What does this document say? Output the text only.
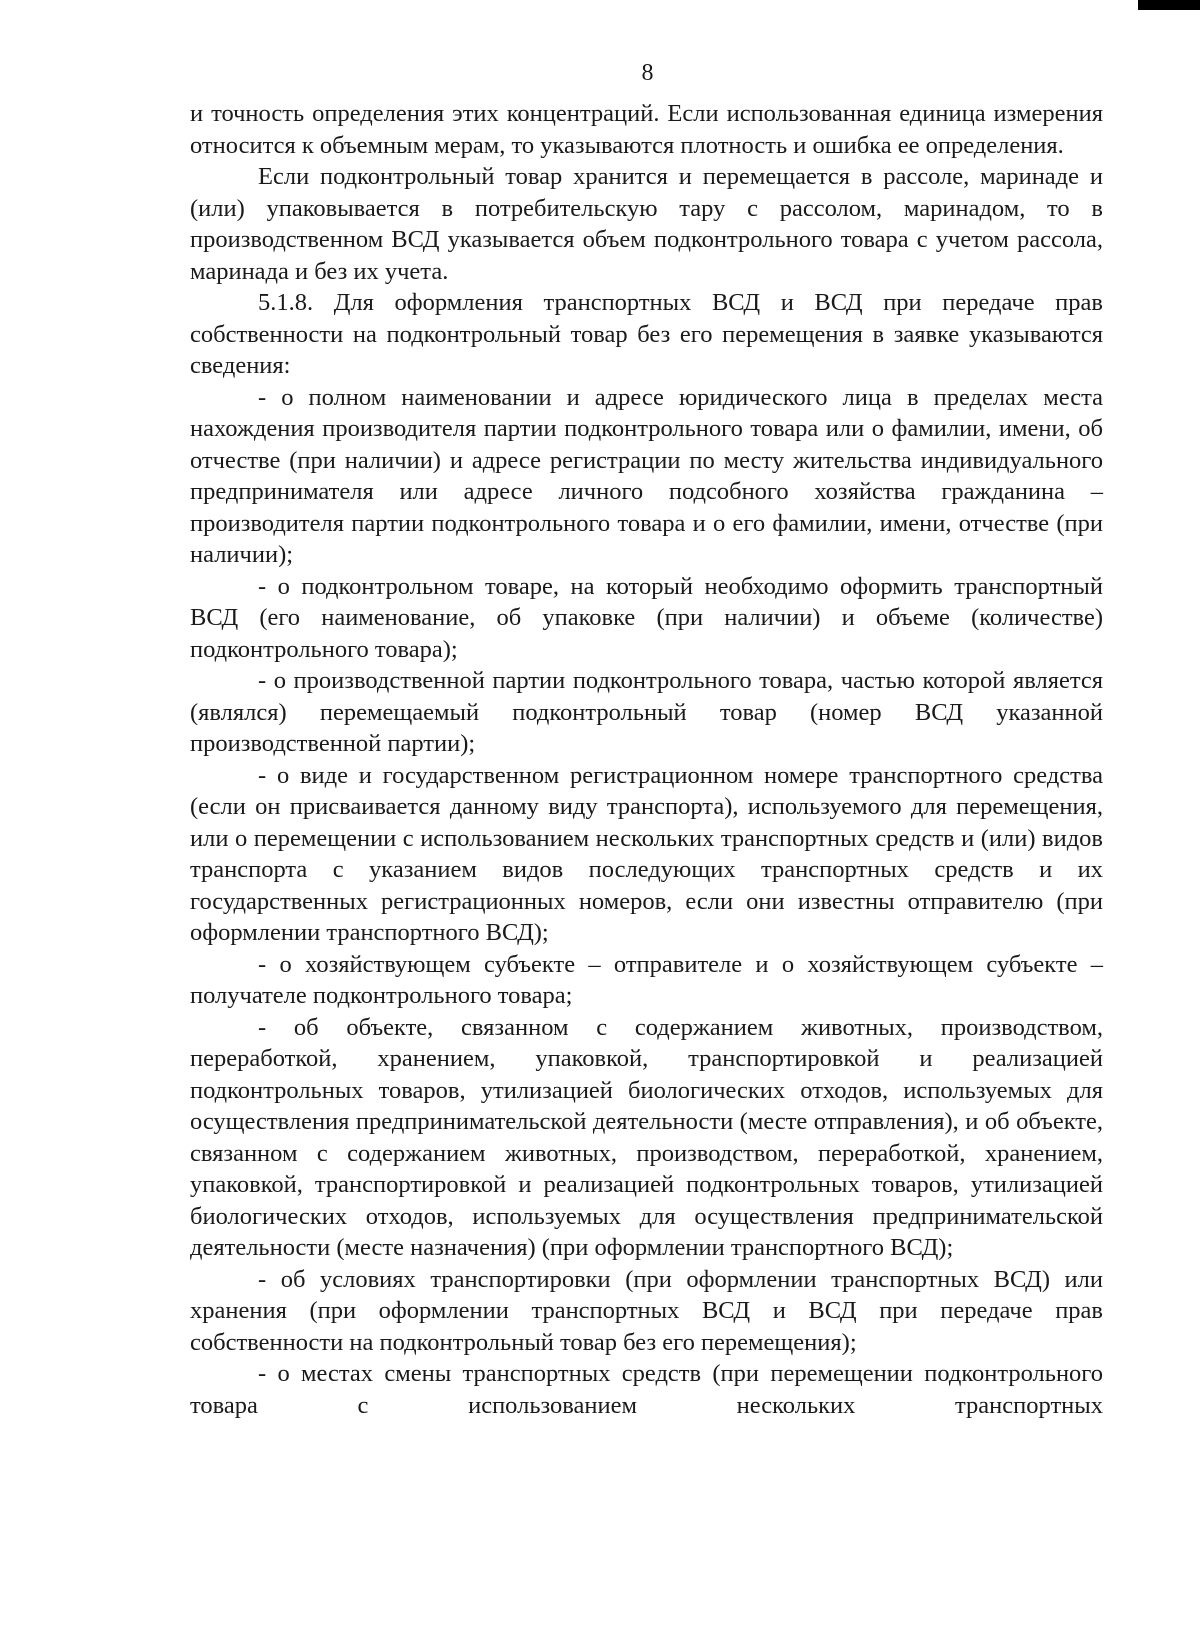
8

и точность определения этих концентраций. Если использованная единица измерения относится к объемным мерам, то указываются плотность и ошибка ее определения.

Если подконтрольный товар хранится и перемещается в рассоле, маринаде и (или) упаковывается в потребительскую тару с рассолом, маринадом, то в производственном ВСД указывается объем подконтрольного товара с учетом рассола, маринада и без их учета.

5.1.8. Для оформления транспортных ВСД и ВСД при передаче прав собственности на подконтрольный товар без его перемещения в заявке указываются сведения:

- о полном наименовании и адресе юридического лица в пределах места нахождения производителя партии подконтрольного товара или о фамилии, имени, об отчестве (при наличии) и адресе регистрации по месту жительства индивидуального предпринимателя или адресе личного подсобного хозяйства гражданина – производителя партии подконтрольного товара и о его фамилии, имени, отчестве (при наличии);

- о подконтрольном товаре, на который необходимо оформить транспортный ВСД (его наименование, об упаковке (при наличии) и объеме (количестве) подконтрольного товара);

- о производственной партии подконтрольного товара, частью которой является (являлся) перемещаемый подконтрольный товар (номер ВСД указанной производственной партии);

- о виде и государственном регистрационном номере транспортного средства (если он присваивается данному виду транспорта), используемого для перемещения, или о перемещении с использованием нескольких транспортных средств и (или) видов транспорта с указанием видов последующих транспортных средств и их государственных регистрационных номеров, если они известны отправителю (при оформлении транспортного ВСД);

- о хозяйствующем субъекте – отправителе и о хозяйствующем субъекте – получателе подконтрольного товара;

- об объекте, связанном с содержанием животных, производством, переработкой, хранением, упаковкой, транспортировкой и реализацией подконтрольных товаров, утилизацией биологических отходов, используемых для осуществления предпринимательской деятельности (месте отправления), и об объекте, связанном с содержанием животных, производством, переработкой, хранением, упаковкой, транспортировкой и реализацией подконтрольных товаров, утилизацией биологических отходов, используемых для осуществления предпринимательской деятельности (месте назначения) (при оформлении транспортного ВСД);

- об условиях транспортировки (при оформлении транспортных ВСД) или хранения (при оформлении транспортных ВСД и ВСД при передаче прав собственности на подконтрольный товар без его перемещения);

- о местах смены транспортных средств (при перемещении подконтрольного товара с использованием нескольких транспортных
